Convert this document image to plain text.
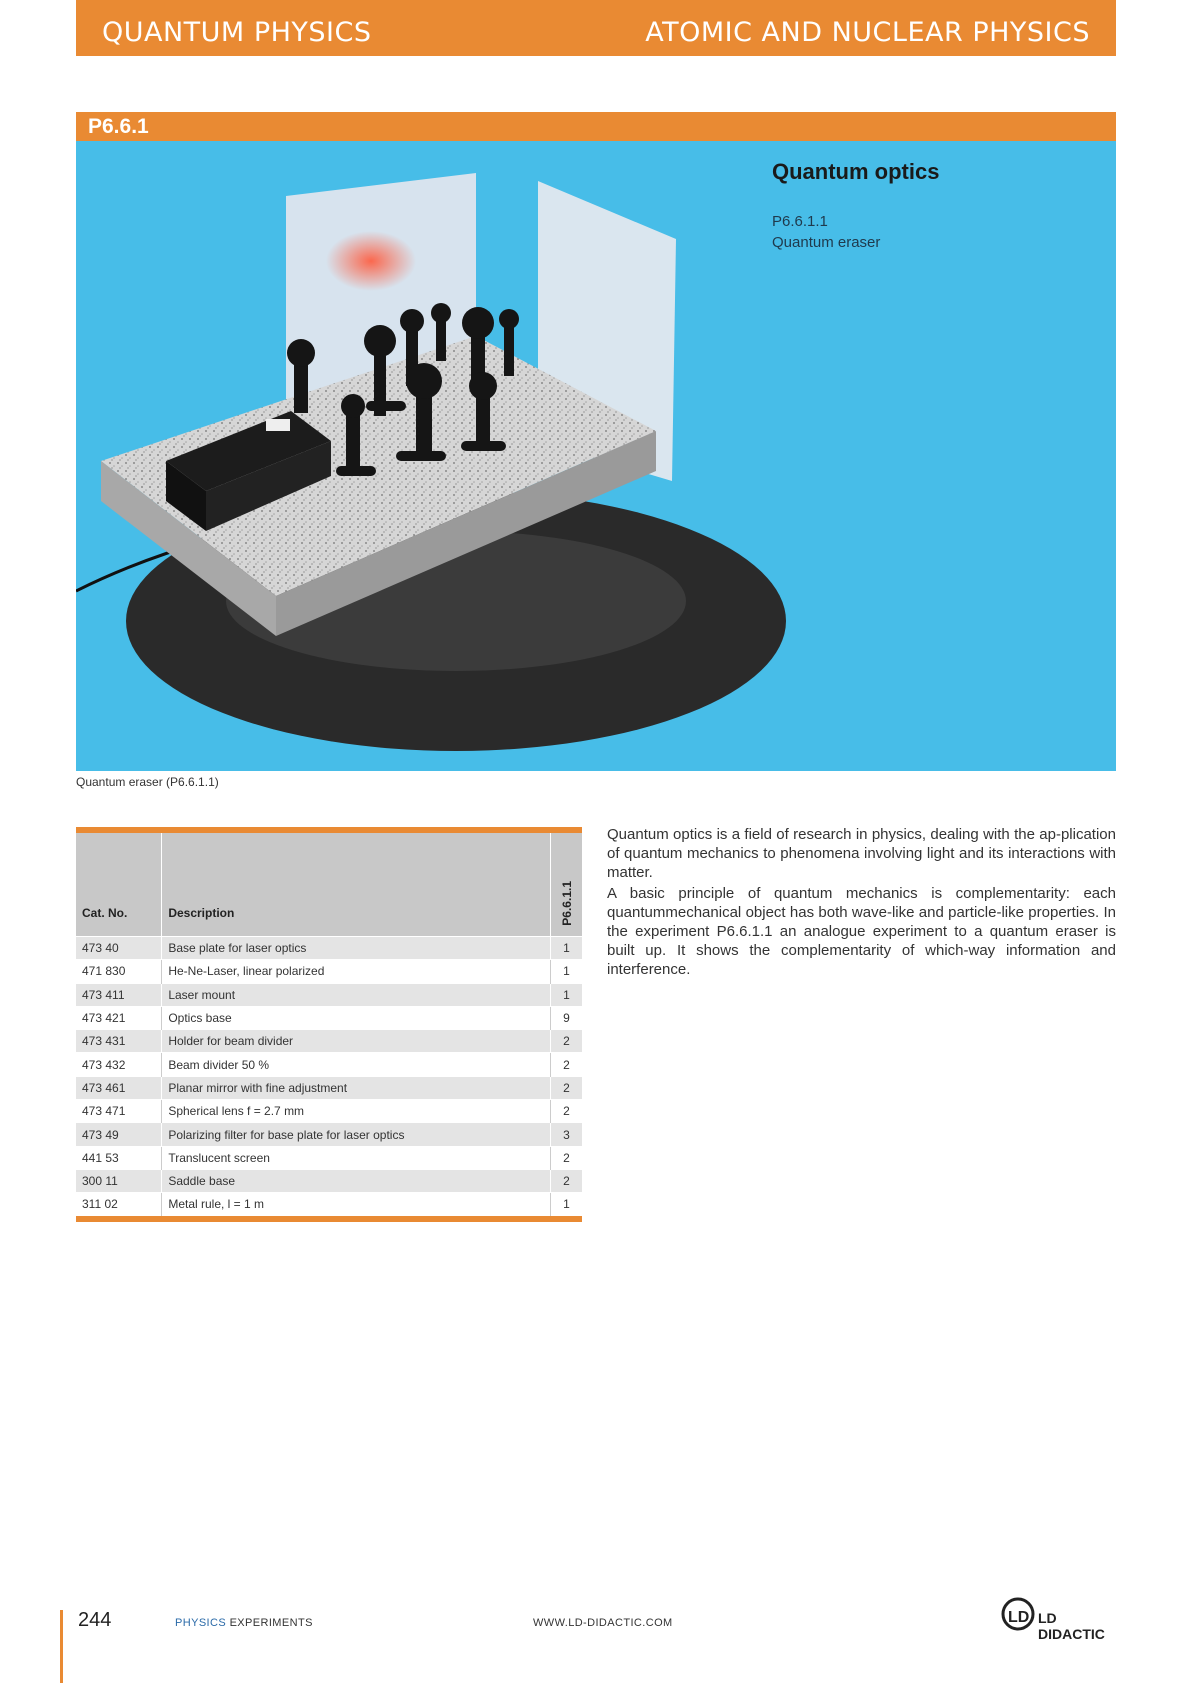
QUANTUM PHYSICS	ATOMIC AND NUCLEAR PHYSICS
P6.6.1
Quantum optics
P6.6.1.1
Quantum eraser
Quantum eraser (P6.6.1.1)
Cat. No.	Description	P6.6.1.1

473 40	Base plate for laser optics	1
471 830	He-Ne-Laser, linear polarized	1
473 411	Laser mount	1
473 421	Optics base	9
473 431	Holder for beam divider	2
473 432	Beam divider 50 %	2
473 461	Planar mirror with fine adjustment	2
473 471	Spherical lens f = 2.7 mm	2
473 49	Polarizing filter for base plate for laser optics	3
441 53	Translucent screen	2
300 11	Saddle base	2
311 02	Metal rule, l = 1 m	1

Quantum optics is a field of research in physics, dealing with the ap-plication of quantum mechanics to phenomena involving light and its interactions with matter.

A basic principle of quantum mechanics is complementarity: each quantummechanical object has both wave-like and particle-like properties. In the experiment P6.6.1.1 an analogue experiment to a quantum eraser is built up. It shows the complementarity of which-way information and interference.

244	PHYSICS EXPERIMENTS	WWW.LD-DIDACTIC.COM	LD LD DIDACTIC
